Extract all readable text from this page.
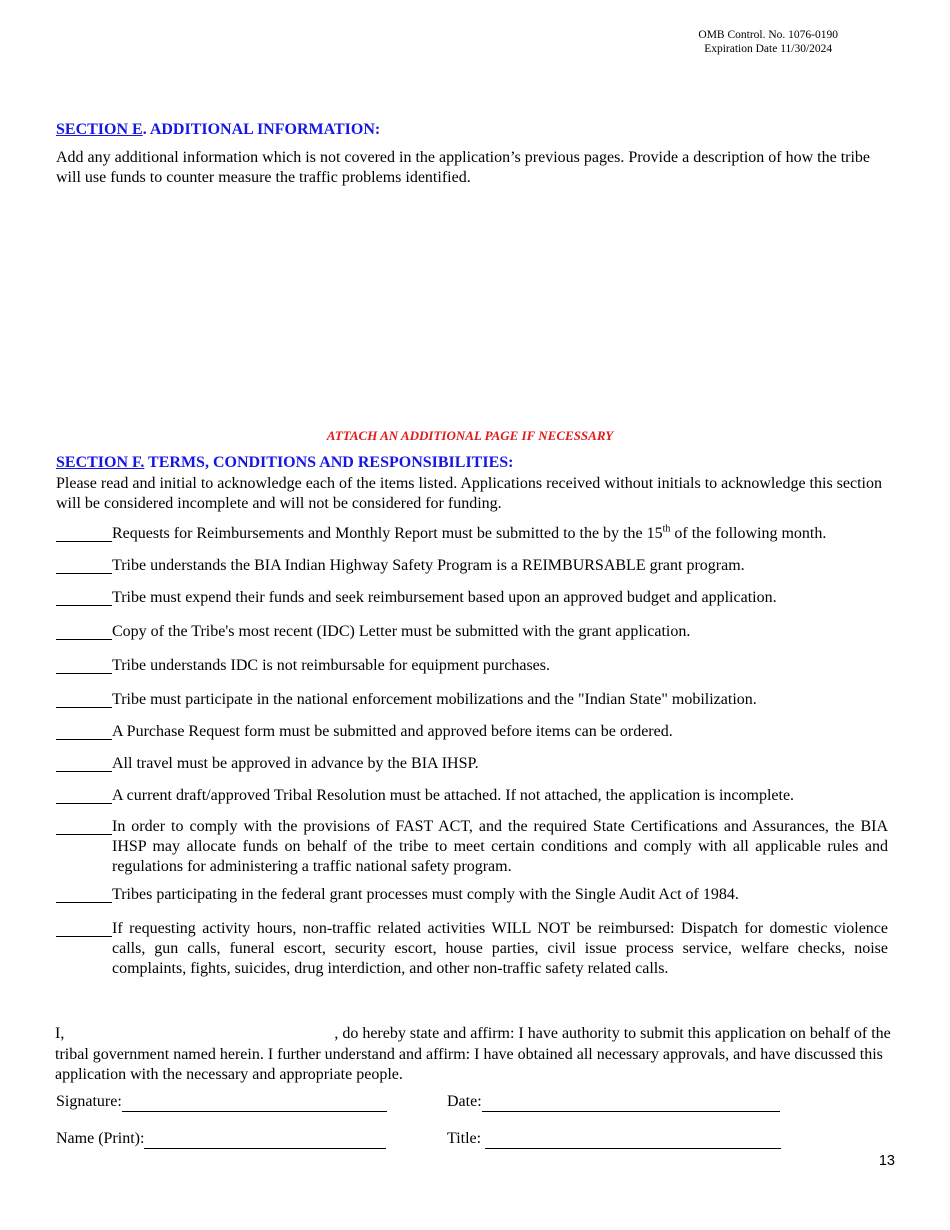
OMB Control. No. 1076-0190
Expiration Date 11/30/2024
SECTION E. ADDITIONAL INFORMATION:
Add any additional information which is not covered in the application’s previous pages. Provide a description of how the tribe will use funds to counter measure the traffic problems identified.
ATTACH AN ADDITIONAL PAGE IF NECESSARY
SECTION F. TERMS, CONDITIONS AND RESPONSIBILITIES:
Please read and initial to acknowledge each of the items listed. Applications received without initials to acknowledge this section will be considered incomplete and will not be considered for funding.
Requests for Reimbursements and Monthly Report must be submitted to the by the 15th of the following month.
Tribe understands the BIA Indian Highway Safety Program is a REIMBURSABLE grant program.
Tribe must expend their funds and seek reimbursement based upon an approved budget and application.
Copy of the Tribe's most recent (IDC) Letter must be submitted with the grant application.
Tribe understands IDC is not reimbursable for equipment purchases.
Tribe must participate in the national enforcement mobilizations and the "Indian State" mobilization.
A Purchase Request form must be submitted and approved before items can be ordered.
All travel must be approved in advance by the BIA IHSP.
A current draft/approved Tribal Resolution must be attached. If not attached, the application is incomplete.
In order to comply with the provisions of FAST ACT, and the required State Certifications and Assurances, the BIA IHSP may allocate funds on behalf of the tribe to meet certain conditions and comply with all applicable rules and regulations for administering a traffic national safety program.
Tribes participating in the federal grant processes must comply with the Single Audit Act of 1984.
If requesting activity hours, non-traffic related activities WILL NOT be reimbursed: Dispatch for domestic violence calls, gun calls, funeral escort, security escort, house parties, civil issue process service, welfare checks, noise complaints, fights, suicides, drug interdiction, and other non-traffic safety related calls.
I,	, do hereby state and affirm: I have authority to submit this application on behalf of the tribal government named herein. I further understand and affirm: I have obtained all necessary approvals, and have discussed this application with the necessary and appropriate people.
Signature:	Date:
Name (Print):	Title:
13
